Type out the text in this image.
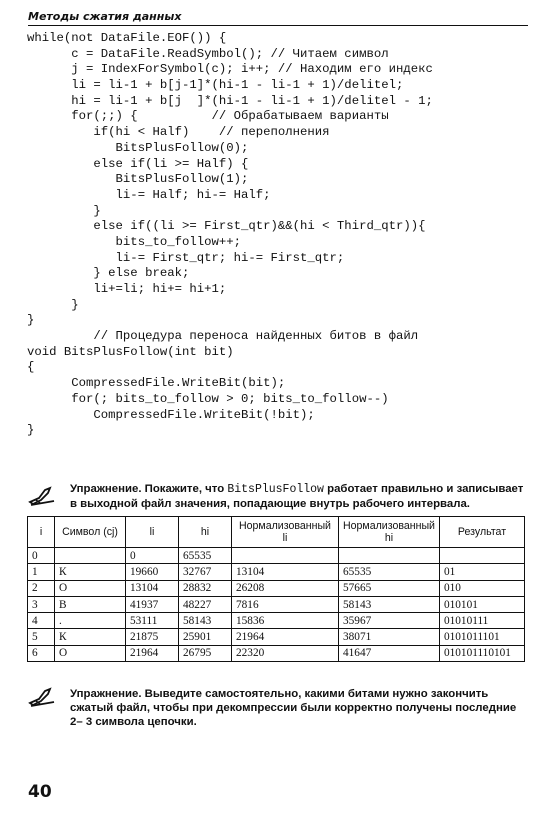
Методы сжатия данных
while(not DataFile.EOF()) {
c = DataFile.ReadSymbol(); // Читаем символ
j = IndexForSymbol(c); i++; // Находим его индекс
li = li-1 + b[j-1]*(hi-1 - li-1 + 1)/delitel;
hi = li-1 + b[j  ]*(hi-1 - li-1 + 1)/delitel - 1;
for(;;) {          // Обрабатываем варианты
if(hi < Half)    // переполнения
BitsPlusFollow(0);
else if(li >= Half) {
BitsPlusFollow(1);
li-= Half; hi-= Half;
}
else if((li >= First_qtr)&&(hi < Third_qtr)){
bits_to_follow++;
li-= First_qtr; hi-= First_qtr;
} else break;
li+=li; hi+= hi+1;
}
}
// Процедура переноса найденных битов в файл
void BitsPlusFollow(int bit)
{
CompressedFile.WriteBit(bit);
for(; bits_to_follow > 0; bits_to_follow--)
CompressedFile.WriteBit(!bit);
}
Упражнение. Покажите, что BitsPlusFollow работает правильно и записывает в выходной файл значения, попадающие внутрь рабочего интервала.
i	Символ (cj)	li	hi	Нормализованный li	Нормализованный hi	Результат
0		0	65535			
1	К	19660	32767	13104	65535	01
2	О	13104	28832	26208	57665	010
3	В	41937	48227	7816	58143	010101
4	.	53111	58143	15836	35967	01010111
5	К	21875	25901	21964	38071	0101011101
6	О	21964	26795	22320	41647	010101110101
Упражнение. Выведите самостоятельно, какими битами нужно закончить сжатый файл, чтобы при декомпрессии были корректно получены последние 2– 3 символа цепочки.
40
